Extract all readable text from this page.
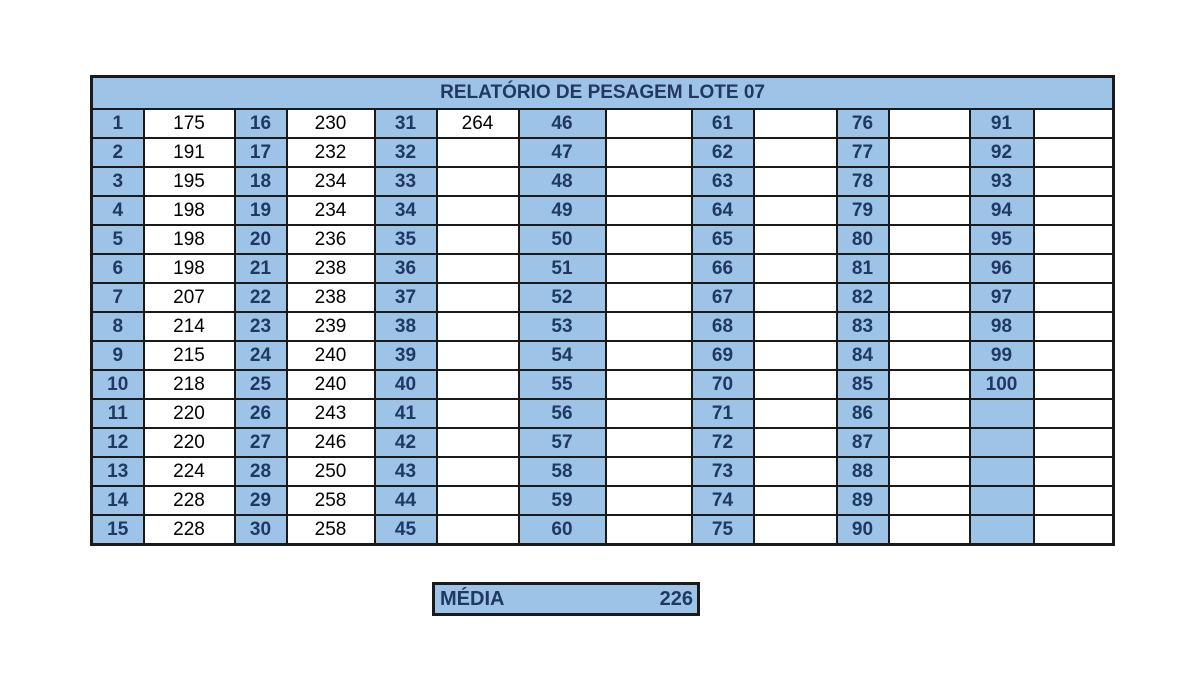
RELATÓRIO DE PESAGEM LOTE 07													
1	175	16	230	31	264	46		61		76		91	
2	191	17	232	32		47		62		77		92	
3	195	18	234	33		48		63		78		93	
4	198	19	234	34		49		64		79		94	
5	198	20	236	35		50		65		80		95	
6	198	21	238	36		51		66		81		96	
7	207	22	238	37		52		67		82		97	
8	214	23	239	38		53		68		83		98	
9	215	24	240	39		54		69		84		99	
10	218	25	240	40		55		70		85		100	
11	220	26	243	41		56		71		86			
12	220	27	246	42		57		72		87			
13	224	28	250	43		58		73		88			
14	228	29	258	44		59		74		89			
15	228	30	258	45		60		75		90			
MÉDIA	226
